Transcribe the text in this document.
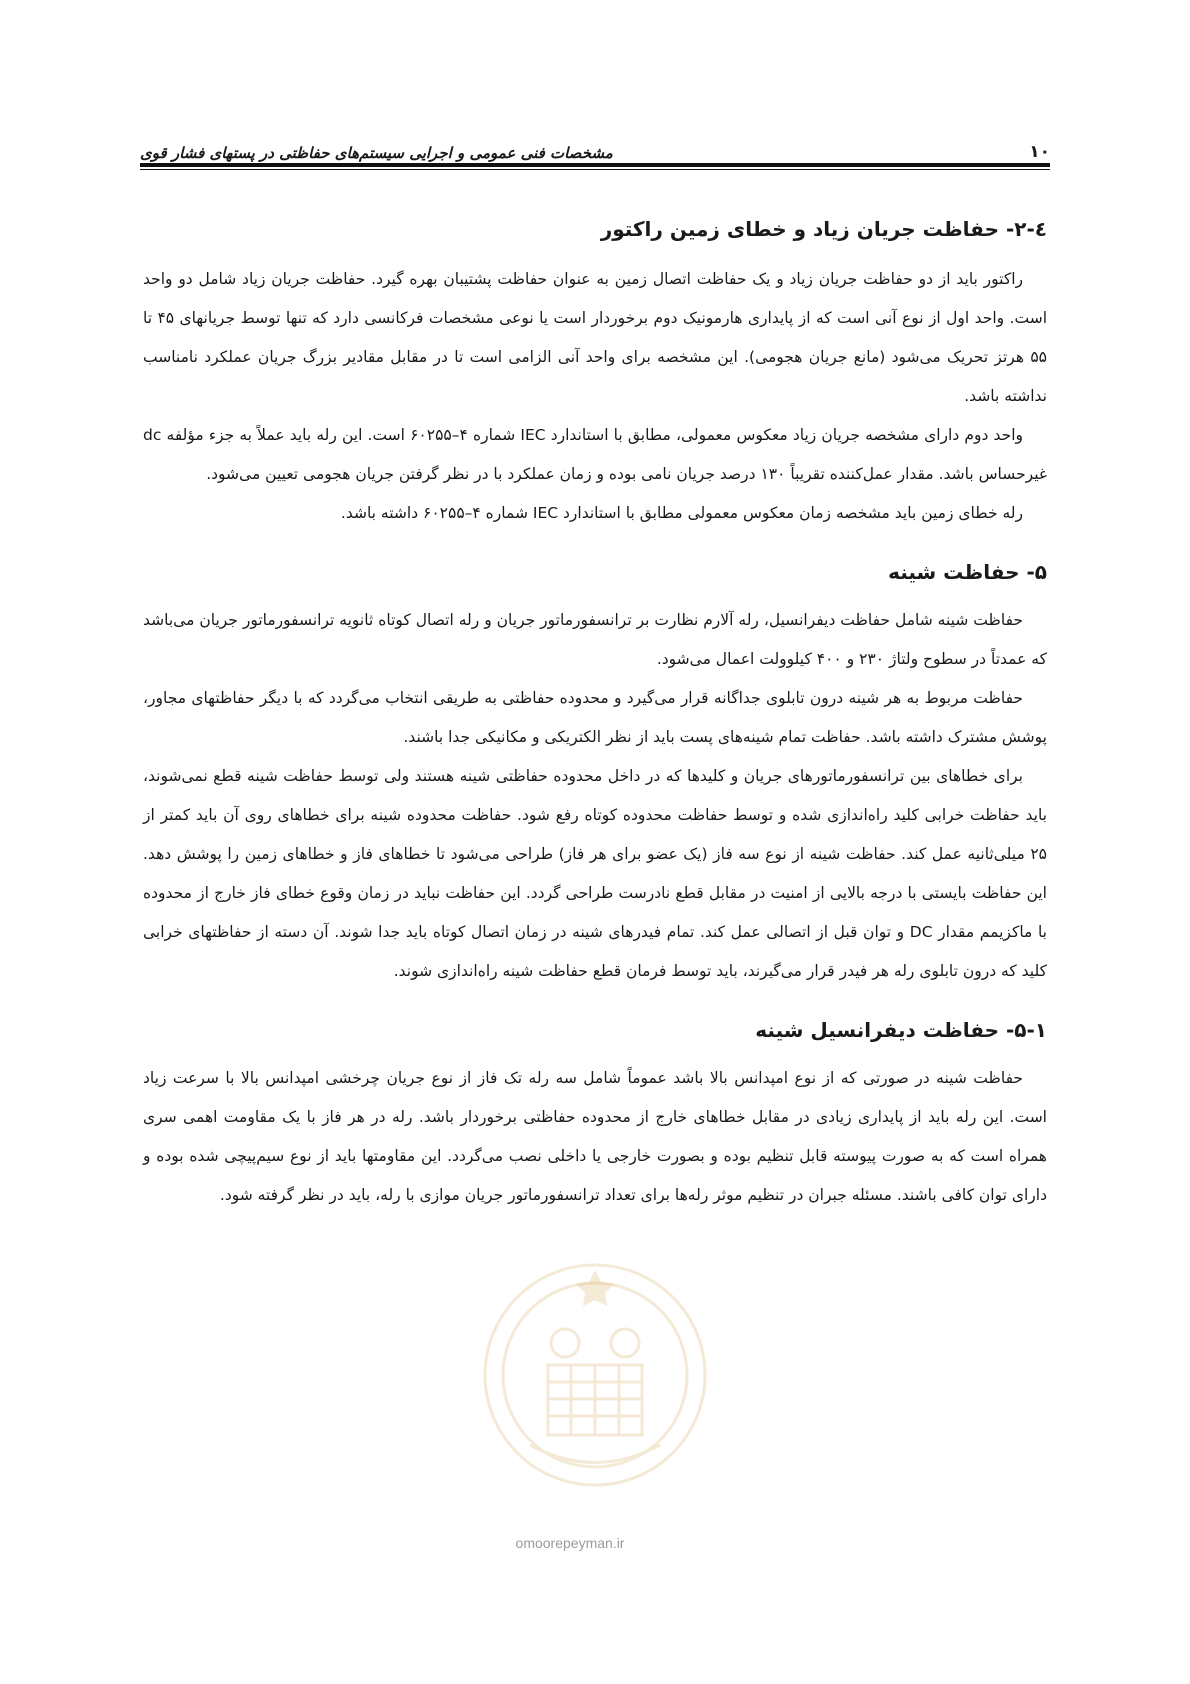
۱۰
مشخصات فنی عمومی و اجرایی سیستم‌های حفاظتی در پستهای فشار قوی
٤-٢- حفاظت جریان زیاد و خطای زمین راکتور

راکتور باید از دو حفاظت جریان زیاد و یک حفاظت اتصال زمین به عنوان حفاظت پشتیبان بهره گیرد. حفاظت جریان زیاد شامل دو واحد است. واحد اول از نوع آنی است که از پایداری هارمونیک دوم برخوردار است یا نوعی مشخصات فرکانسی دارد که تنها توسط جریانهای ۴۵ تا ۵۵ هرتز تحریک می‌شود (مانع جریان هجومی). این مشخصه برای واحد آنی الزامی است تا در مقابل مقادیر بزرگ جریان عملکرد نامناسب نداشته باشد.

واحد دوم دارای مشخصه جریان زیاد معکوس معمولی، مطابق با استاندارد IEC شماره ۴–۶۰۲۵۵ است. این رله باید عملاً به جزء مؤلفه dc غیرحساس باشد. مقدار عمل‌کننده تقریباً ۱۳۰ درصد جریان نامی بوده و زمان عملکرد با در نظر گرفتن جریان هجومی تعیین می‌شود.

رله خطای زمین باید مشخصه زمان معکوس معمولی مطابق با استاندارد IEC شماره ۴–۶۰۲۵۵ داشته باشد.

۵- حفاظت شینه

حفاظت شینه شامل حفاظت دیفرانسیل، رله آلارم نظارت بر ترانسفورماتور جریان و رله اتصال کوتاه ثانویه ترانسفورماتور جریان می‌باشد که عمدتاً در سطوح ولتاژ ۲۳۰ و ۴۰۰ کیلوولت اعمال می‌شود.

حفاظت مربوط به هر شینه درون تابلوی جداگانه قرار می‌گیرد و محدوده حفاظتی به طریقی انتخاب می‌گردد که با دیگر حفاظتهای مجاور، پوشش مشترک داشته باشد. حفاظت تمام شینه‌های پست باید از نظر الکتریکی و مکانیکی جدا باشند.

برای خطاهای بین ترانسفورماتورهای جریان و کلیدها که در داخل محدوده حفاظتی شینه هستند ولی توسط حفاظت شینه قطع نمی‌شوند، باید حفاظت خرابی کلید راه‌اندازی شده و توسط حفاظت محدوده کوتاه رفع شود. حفاظت محدوده شینه برای خطاهای روی آن باید کمتر از ۲۵ میلی‌ثانیه عمل کند. حفاظت شینه از نوع سه فاز (یک عضو برای هر فاز) طراحی می‌شود تا خطاهای فاز و خطاهای زمین را پوشش دهد. این حفاظت بایستی با درجه بالایی از امنیت در مقابل قطع نادرست طراحی گردد. این حفاظت نباید در زمان وقوع خطای فاز خارج از محدوده با ماکزیمم مقدار DC و توان قبل از اتصالی عمل کند. تمام فیدرهای شینه در زمان اتصال کوتاه باید جدا شوند. آن دسته از حفاظتهای خرابی کلید که درون تابلوی رله هر فیدر قرار می‌گیرند، باید توسط فرمان قطع حفاظت شینه راه‌اندازی شوند.

۵-۱- حفاظت دیفرانسیل شینه

حفاظت شینه در صورتی که از نوع امپدانس بالا باشد عموماً شامل سه رله تک فاز از نوع جریان چرخشی امپدانس بالا با سرعت زیاد است. این رله باید از پایداری زیادی در مقابل خطاهای خارج از محدوده حفاظتی برخوردار باشد. رله در هر فاز با یک مقاومت اهمی سری همراه است که به صورت پیوسته قابل تنظیم بوده و بصورت خارجی یا داخلی نصب می‌گردد. این مقاومتها باید از نوع سیم‌پیچی شده بوده و دارای توان کافی باشند. مسئله جبران در تنظیم موثر رله‌ها برای تعداد ترانسفورماتور جریان موازی با رله، باید در نظر گرفته شود.

omoorepeyman.ir
